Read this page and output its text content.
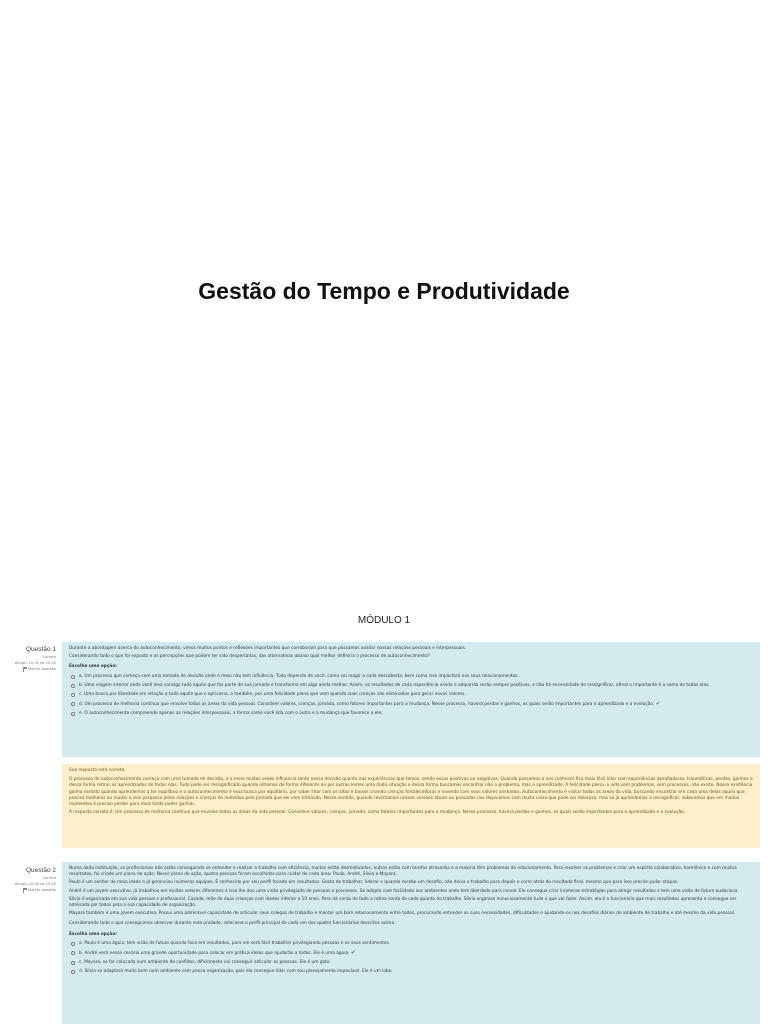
Gestão do Tempo e Produtividade
MÓDULO 1
Questão 1
Correto
Atingiu 10,00 de 10,00
Marcar questão

Durante a abordagem acerca do autoconhecimento, vimos muitos pontos e reflexões importantes que corroboram para que possamos avaliar nossas relações pessoais e interpessoais.

Considerando tudo o que foi exposto e as percepções que podem ter sido despertadas, das alternativas abaixo qual melhor definiria o processo de autoconhecimento?

Escolha uma opção:
a. Um processo que começa com uma tomada de decisão onde o meio não tem influência. Tudo depende de você, como vai reagir a cada descoberta, bem como isso impactará nos seus relacionamentos.
b. Uma viagem interior onde você leva consigo tudo aquilo que faz parte de sua jornada e transforma em algo ainda melhor. Assim, os resultados de cada experiência vivida e adquirida serão sempre positivos, e não há necessidade de ressignificar, afinal o importante é a soma de todas elas.
c. Uma busca por liberdade em relação a tudo aquilo que o aprisiona, e também, por uma felicidade plena que vem quando suas crenças são eliminadas para gerar novos valores.
d. Um processo de melhoria contínua que envolve todas as áreas da vida pessoal. Considere valores, crenças, jornada, como fatores importantes para a mudança. Nesse processo, haverá perdas e ganhos, os quais serão importantes para o aprendizado e a evolução. ✔
e. O autoconhecimento compreende apenas as relações interpessoais, a forma como você lida com o outro e a mudança que favorece a ele.

Sua resposta está correta.

O processo de autoconhecimento começa com uma tomada de decisão, e o meio muitas vezes influencia tanto nessa decisão quanto nas experiências que temos, sendo essas positivas ou negativas. Quando passamos a nos conhecer fica mais fácil lidar com experiências desafiadoras, traumáticas, perdas, ganhos e dessa forma retirar os aprendizados de todas elas. Tudo pode ser ressignificado quando olhamos de forma diferente ou por outras lentes uma dada situação e dessa forma buscamos encontrar não o problema, mas o aprendizado. A felicidade plena, a vida sem problemas, sem processos, não existe. Nossa existência ganha sentido quando aprendemos a ter equilíbrio e o autoconhecimento é essa busca por equilíbrio, por saber lidar com os altos e baixos criando crenças fortalecedoras e vivendo com seus valores alinhados. Autoconhecimento é visitar todas as áreas da vida, buscando encontrar em cada uma delas aquilo que precisa melhorar ou mudar e isso perpassa pelas relações e crenças do indivíduo pela jornada que ele vem trilhando. Nesse sentido, quando revisitamos nossas versões atuais ou passadas nos deparamos com muita coisa que pode ser dolorosa, mas se já aprendemos a ressignificar, saberemos que em muitos momentos é preciso perder para mais tarde poder ganhar.

A resposta correta é: Um processo de melhoria contínua que envolve todas as áreas da vida pessoal. Considere valores, crenças, jornada, como fatores importantes para a mudança. Nesse processo, haverá perdas e ganhos, os quais serão importantes para o aprendizado e a evolução.

Questão 2
Correto
Atingiu 10,00 de 10,00
Marcar questão

Numa dada instituição, os profissionais não estão conseguindo se entender e realizar o trabalho com eficiência, muitos estão desmotivados, outros estão com tarefas atrasadas e a maioria têm problemas de relacionamento. Para resolver os problemas e criar um espírito colaborativo, harmônico e com muitos resultados, foi criado um plano de ação. Nesse plano de ação, quatro pessoas foram escolhidas para cuidar de cada área: Paulo, André, Sílvia e Mayara.

Paulo é um senhor de meia idade e já gerenciou inúmeras equipes. É conhecido por seu perfil focado em resultados. Gosta de trabalhar, liderar e quando recebe um desafio, não deixa o trabalho para depois e corre atrás do resultado final, mesmo que para isso precise pular etapas.

André é um jovem executivo, já trabalhou em muitos setores diferentes e isso lhe deu uma visão privilegiada de pessoas e processos. Se adapta com facilidade aos ambientes onde tem liberdade para inovar. Ele consegue criar inúmeras estratégias para atingir resultados e tem uma visão de futuro audaciosa.

Sílvia é organizada em sua vida pessoal e profissional. Casada, mãe de duas crianças com idades inferior a 10 anos. Para dá conta de toda a rotina conta de cada quanto do trabalho. Sílvia organiza minuciosamente tudo o que vai fazer. Assim, ela é a funcionária que mais resultados apresenta e consegue ser admirada por todos pela a sua capacidade de organização.

Mayara também é uma jovem executiva. Possui uma admirável capacidade de articular seus colegas de trabalho e manter um bom relacionamento entre todos, procurando entender as suas necessidades, dificuldades e ajudando-os nos desafios diários do ambiente de trabalho e até mesmo da vida pessoal.

Considerando tudo o que conseguimos observar durante esta unidade, selecione o perfil principal de cada um dos quatro funcionários descritos acima.

Escolha uma opção:
a. Paulo é uma águia, tem visão de futuro quando foca em resultados, para ele será fácil trabalhar privilegiando pessoas e os seus sentimentos.
b. André verá nesse cenário uma grande oportunidade para colocar em prática ideias que ajudarão a todos. Ele é uma águia. ✔
c. Mayara, se for colocada num ambiente de conflitos, dificilmente vai conseguir articular as pessoas. Ele é um gato.
d. Sílvia se adaptará muito bem num ambiente com pouca organização, pois ela consegue lidar com seu planejamento impecável. Ele é um lobo.
